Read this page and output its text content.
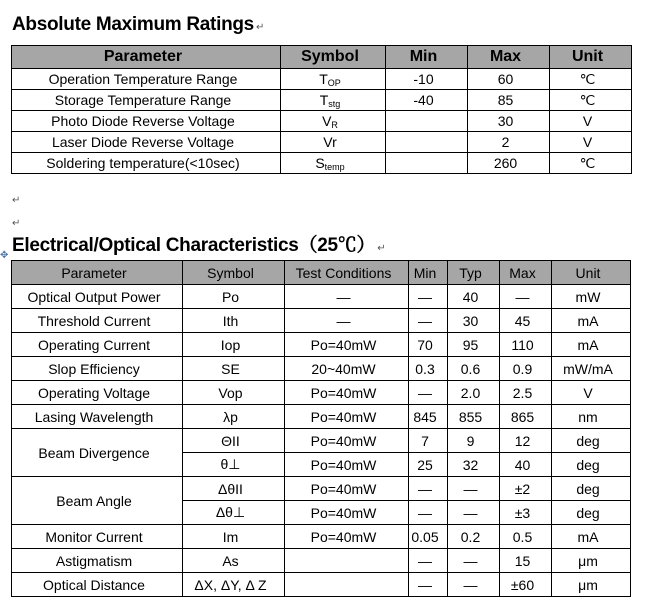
Absolute Maximum Ratings ↵
Parameter	Symbol	Min	Max	Unit
Operation Temperature Range	$T_{OP}$	-10	60	℃
Storage Temperature Range	$T_{stg}$	-40	85	℃
Photo Diode Reverse Voltage	$V_R$		30	V
Laser Diode Reverse Voltage	Vr		2	V
Soldering temperature(<10sec)	$S_{temp}$		260	℃
↵
↵
✥ Electrical/Optical Characteristics（25℃） ↵
Parameter	Symbol	Test Conditions	Min	Typ	Max	Unit
Optical Output Power	Po	—	—	40	—	mW
Threshold Current	Ith	—	—	30	45	mA
Operating Current	Iop	Po=40mW	70	95	110	mA
Slop Efficiency	SE	20~40mW	0.3	0.6	0.9	mW/mA
Operating Voltage	Vop	Po=40mW	—	2.0	2.5	V
Lasing Wavelength	λp	Po=40mW	845	855	865	nm
Beam Divergence	ΘII	Po=40mW	7	9	12	deg
	θ⊥	Po=40mW	25	32	40	deg
Beam Angle	ΔθII	Po=40mW	—	—	±2	deg
	Δθ⊥	Po=40mW	—	—	±3	deg
Monitor Current	Im	Po=40mW	0.05	0.2	0.5	mA
Astigmatism	As		—	—	15	μm
Optical Distance	ΔX, ΔY, Δ Z		—	—	±60	μm
